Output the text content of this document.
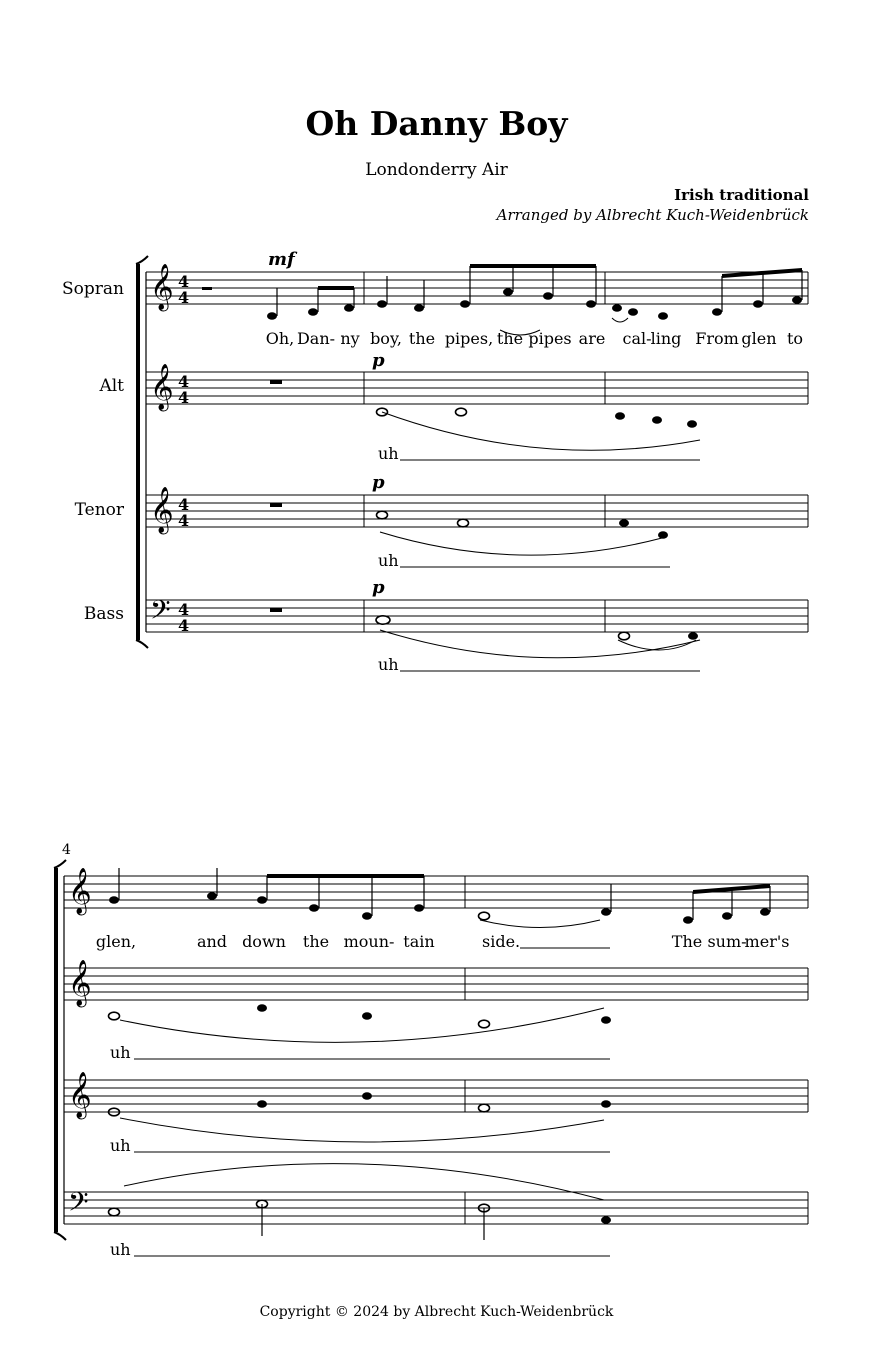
Oh Danny Boy
Londonderry Air
Irish traditional
Arranged by Albrecht Kuch-Weidenbrück
Sopran
Alt
Tenor
Bass
4
𝄞
𝄞
𝄞
𝄢
𝄞
𝄞
𝄞
𝄢
4
4
4
4
4
4
4
4
mf
p
p
p
Oh, Dan- ny boy, the pipes, the pipes are cal- ling From glen to
uh
uh
uh
glen,	and down the moun- tain	side.	The sum-
mer's
uh
uh
uh
Copyright © 2024 by Albrecht Kuch-Weidenbrück
